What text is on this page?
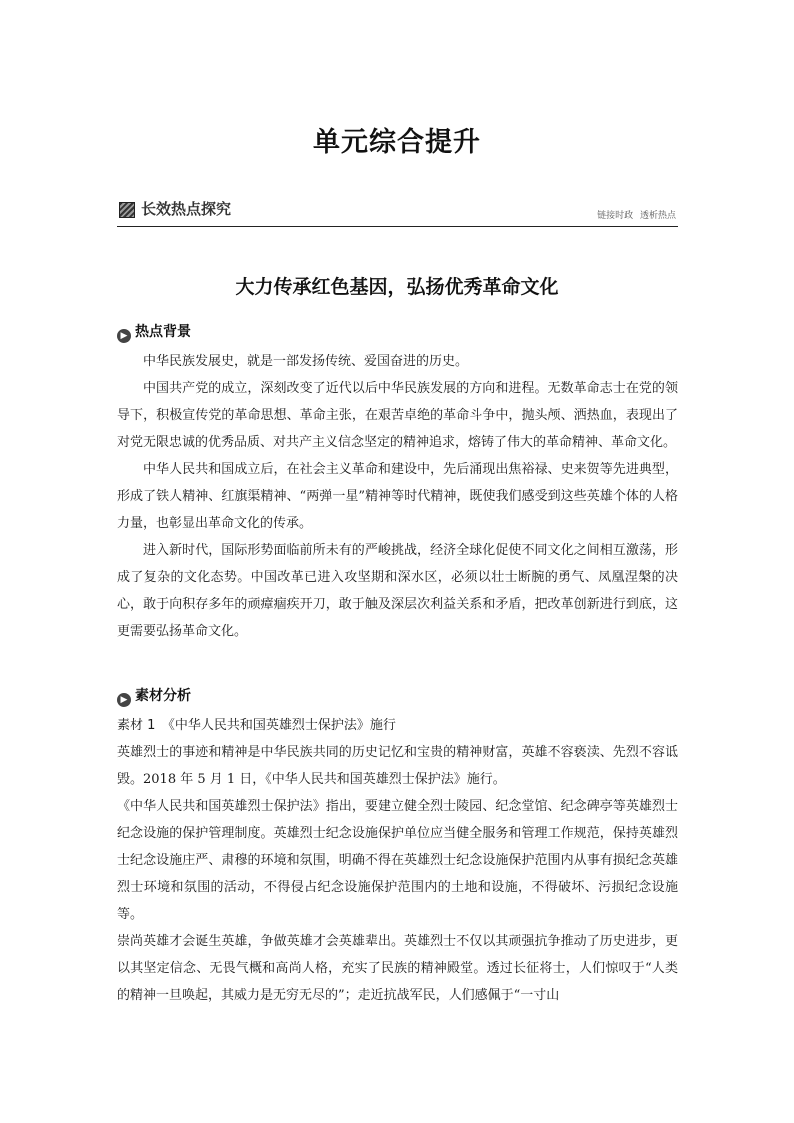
单元综合提升
长效热点探究	链接时政 透析热点
大力传承红色基因，弘扬优秀革命文化
▶ 热点背景

中华民族发展史，就是一部发扬传统、爱国奋进的历史。

中国共产党的成立，深刻改变了近代以后中华民族发展的方向和进程。无数革命志士在党的领导下，积极宣传党的革命思想、革命主张，在艰苦卓绝的革命斗争中，抛头颅、洒热血，表现出了对党无限忠诚的优秀品质、对共产主义信念坚定的精神追求，熔铸了伟大的革命精神、革命文化。

中华人民共和国成立后，在社会主义革命和建设中，先后涌现出焦裕禄、史来贺等先进典型，形成了铁人精神、红旗渠精神、“两弹一星”精神等时代精神，既使我们感受到这些英雄个体的人格力量，也彰显出革命文化的传承。

进入新时代，国际形势面临前所未有的严峻挑战，经济全球化促使不同文化之间相互激荡，形成了复杂的文化态势。中国改革已进入攻坚期和深水区，必须以壮士断腕的勇气、凤凰涅槃的决心，敢于向积存多年的顽瘴痼疾开刀，敢于触及深层次利益关系和矛盾，把改革创新进行到底，这更需要弘扬革命文化。

▶ 素材分析

素材 1　《中华人民共和国英雄烈士保护法》施行

英雄烈士的事迹和精神是中华民族共同的历史记忆和宝贵的精神财富，英雄不容亵渎、先烈不容诋毁。2018 年 5 月 1 日，《中华人民共和国英雄烈士保护法》施行。

《中华人民共和国英雄烈士保护法》指出，要建立健全烈士陵园、纪念堂馆、纪念碑亭等英雄烈士纪念设施的保护管理制度。英雄烈士纪念设施保护单位应当健全服务和管理工作规范，保持英雄烈士纪念设施庄严、肃穆的环境和氛围，明确不得在英雄烈士纪念设施保护范围内从事有损纪念英雄烈士环境和氛围的活动，不得侵占纪念设施保护范围内的土地和设施，不得破坏、污损纪念设施等。

崇尚英雄才会诞生英雄，争做英雄才会英雄辈出。英雄烈士不仅以其顽强抗争推动了历史进步，更以其坚定信念、无畏气概和高尚人格，充实了民族的精神殿堂。透过长征将士，人们惊叹于“人类的精神一旦唤起，其威力是无穷无尽的”；走近抗战军民，人们感佩于“一寸山
